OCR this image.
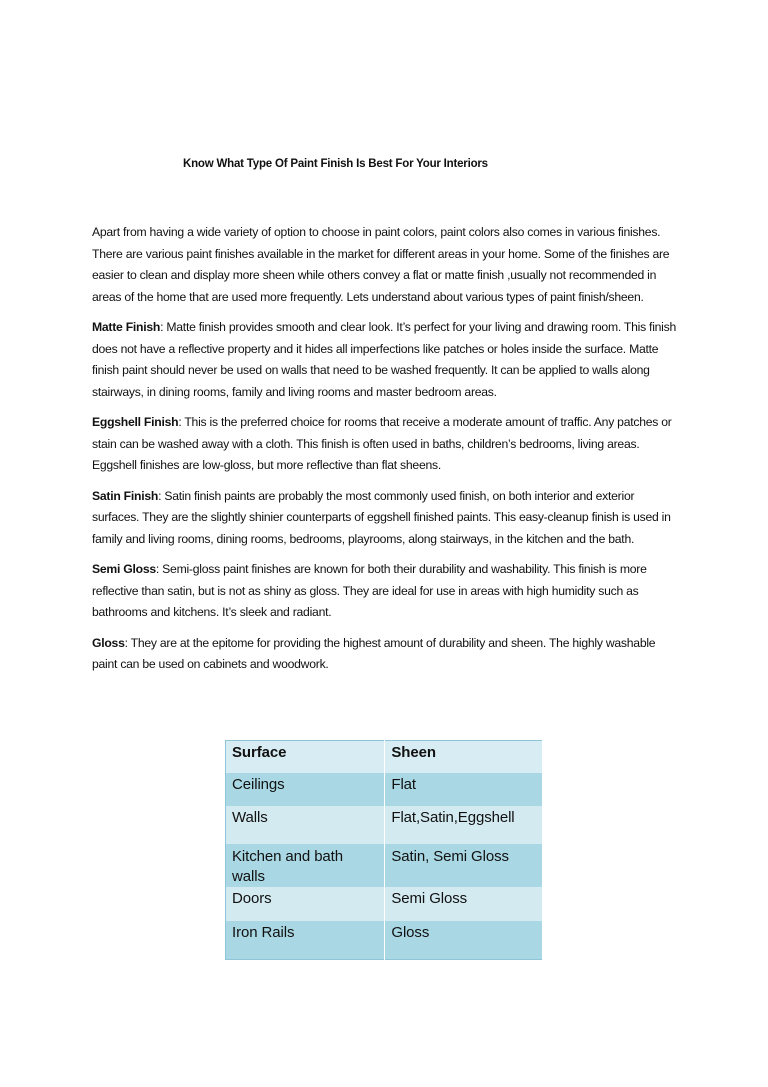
Know What Type Of Paint Finish Is Best For Your Interiors

Apart from having a wide variety of option to choose in paint colors, paint colors also comes in various finishes. There are various paint finishes available in the market for different areas in your home. Some of the finishes are easier to clean and display more sheen while others convey a flat or matte finish ,usually not recommended in areas of the home that are used more frequently. Lets understand about various types of paint finish/sheen.

Matte Finish: Matte finish provides smooth and clear look. It’s perfect for your living and drawing room. This finish does not have a reflective property and it hides all imperfections like patches or holes inside the surface. Matte finish paint should never be used on walls that need to be washed frequently. It can be applied to walls along stairways, in dining rooms, family and living rooms and master bedroom areas.

Eggshell Finish: This is the preferred choice for rooms that receive a moderate amount of traffic. Any patches or stain can be washed away with a cloth. This finish is often used in baths, children’s bedrooms, living areas. Eggshell finishes are low-gloss, but more reflective than flat sheens.

Satin Finish: Satin finish paints are probably the most commonly used finish, on both interior and exterior surfaces. They are the slightly shinier counterparts of eggshell finished paints. This easy-cleanup finish is used in family and living rooms, dining rooms, bedrooms, playrooms, along stairways, in the kitchen and the bath.

Semi Gloss: Semi-gloss paint finishes are known for both their durability and washability. This finish is more reflective than satin, but is not as shiny as gloss. They are ideal for use in areas with high humidity such as bathrooms and kitchens. It’s sleek and radiant.

Gloss: They are at the epitome for providing the highest amount of durability and sheen. The highly washable paint can be used on cabinets and woodwork.

Surface	Sheen
Ceilings	Flat
Walls	Flat,Satin,Eggshell
Kitchen and bath walls	Satin, Semi Gloss
Doors	Semi Gloss
Iron Rails	Gloss
